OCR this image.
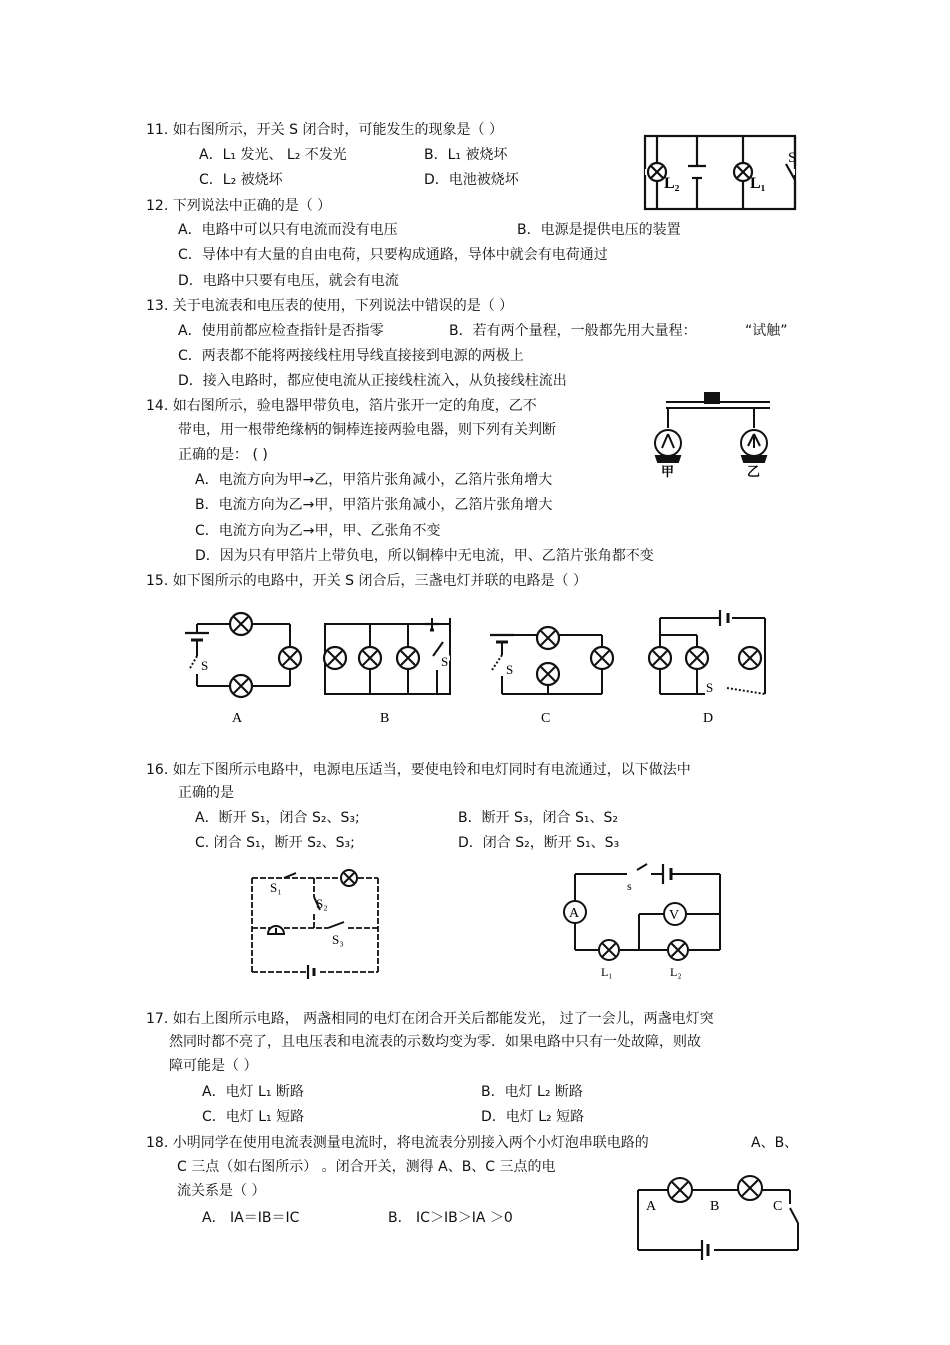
11. 如右图所示，开关 S 闭合时，可能发生的现象是（ ）
A．L₁ 发光、 L₂ 不发光	B．L₁ 被烧坏
C．L₂ 被烧坏	D．电池被烧坏	L₂	L₁
S
12. 下列说法中正确的是（ ）
A．电路中可以只有电流而没有电压	B．电源是提供电压的装置
C．导体中有大量的自由电荷，只要构成通路，导体中就会有电荷通过
D．电路中只要有电压，就会有电流
13. 关于电流表和电压表的使用，下列说法中错误的是（ ）
A．使用前都应检查指针是否指零	B．若有两个量程，一般都先用大量程：	“试触”
C．两表都不能将两接线柱用导线直接接到电源的两极上
D．接入电路时，都应使电流从正接线柱流入，从负接线柱流出
14. 如右图所示，验电器甲带负电，箔片张开一定的角度，乙不
带电，用一根带绝缘柄的铜棒连接两验电器，则下列有关判断
正确的是： ( )
A．电流方向为甲→乙，甲箔片张角减小，乙箔片张角增大
B．电流方向为乙→甲，甲箔片张角减小，乙箔片张角增大
C．电流方向为乙→甲，甲、乙张角不变
D．因为只有甲箔片上带负电，所以铜棒中无电流，甲、乙箔片张角都不变
甲	乙
15. 如下图所示的电路中，开关 S 闭合后，三盏电灯并联的电路是（ ）
S	S
S
S
A	B	C	D
16. 如左下图所示电路中，电源电压适当，要使电铃和电灯同时有电流通过，以下做法中
正确的是
A．断开 S₁，闭合 S₂、S₃;	B．断开 S₃，闭合 S₁、S₂
C. 闭合 S₁，断开 S₂、S₃;	D．闭合 S₂，断开 S₁、S₃
S₁
S₂
S₃
A	V
s
L₁	L₂
17. 如右上图所示电路， 两盏相同的电灯在闭合开关后都能发光， 过了一会儿，两盏电灯突
然同时都不亮了，且电压表和电流表的示数均变为零．如果电路中只有一处故障，则故
障可能是（ ）
A．电灯 L₁ 断路	B．电灯 L₂ 断路
C．电灯 L₁ 短路	D．电灯 L₂ 短路
18. 小明同学在使用电流表测量电流时，将电流表分别接入两个小灯泡串联电路的	A、B、
C 三点（如右图所示） 。闭合开关，测得 A、B、C 三点的电
流关系是（ ）
A． IA＝IB＝IC	B． IC＞IB＞IA ＞0
A	B	C
